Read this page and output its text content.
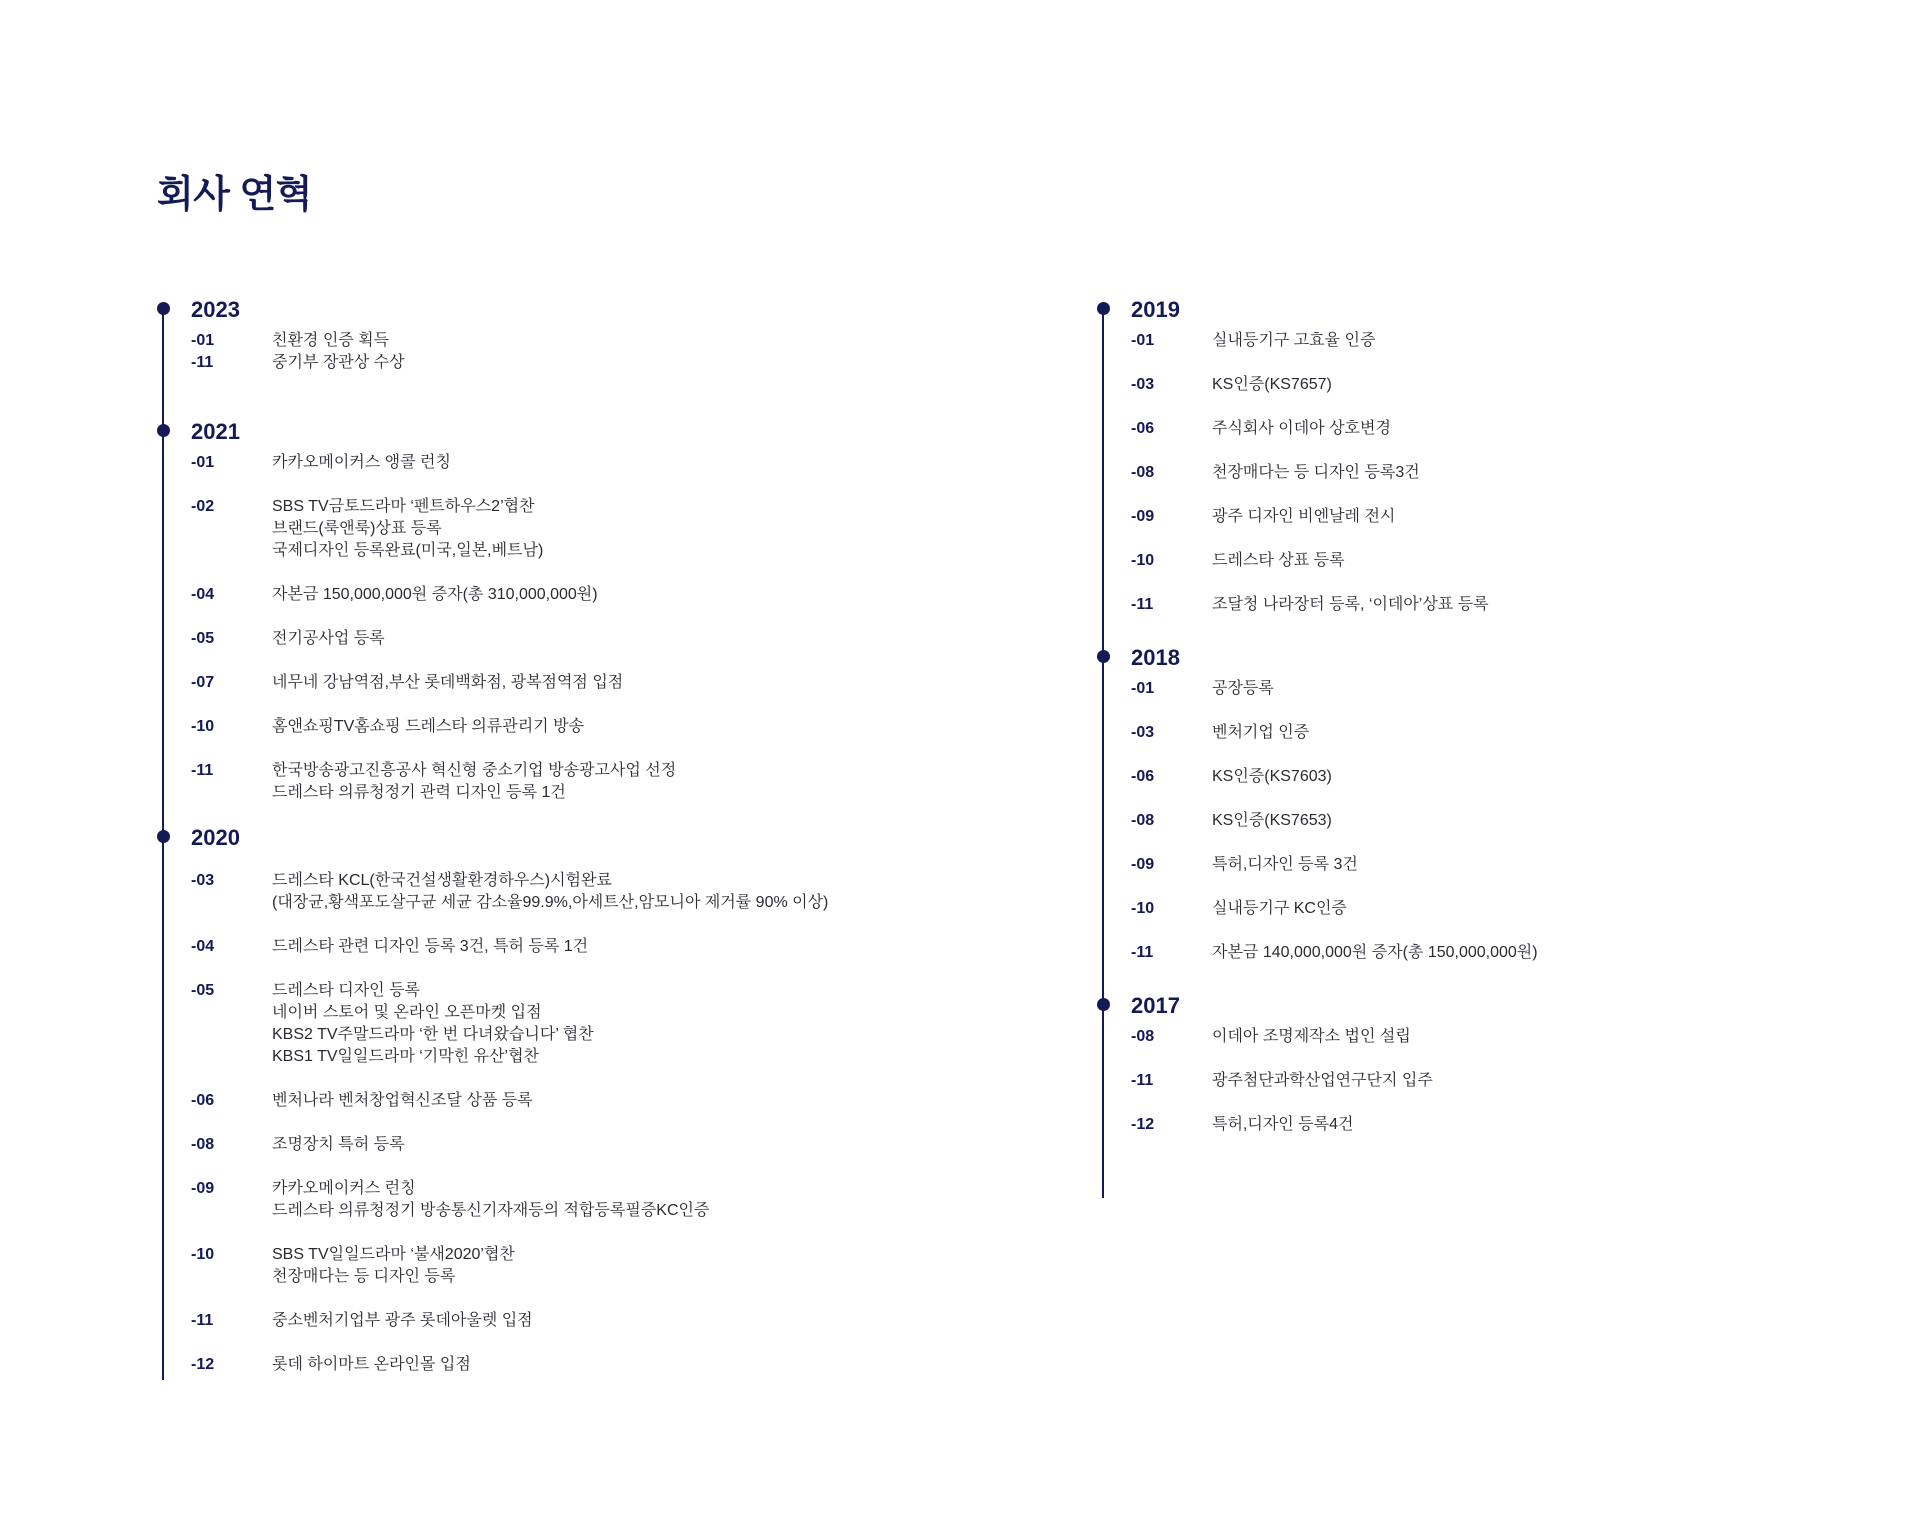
회사 연혁
2023
-01	친환경 인증 획득
-11	중기부 장관상 수상
2021
-01	카카오메이커스 앵콜 런칭
-02	SBS TV금토드라마 ‘펜트하우스2’협찬
브랜드(룩앤룩)상표 등록
국제디자인 등록완료(미국,일본,베트남)
-04	자본금 150,000,000원 증자(총 310,000,000원)
-05	전기공사업 등록
-07	네무네 강남역점,부산 롯데백화점, 광복점역점 입점
-10	홈앤쇼핑TV홈쇼핑 드레스타 의류관리기 방송
-11	한국방송광고진흥공사 혁신형 중소기업 방송광고사업 선정
드레스타 의류청정기 관력 디자인 등록 1건
2020
-03	드레스타 KCL(한국건설생활환경하우스)시험완료
(대장균,황색포도살구균 세균 감소율99.9%,아세트산,암모니아 제거률 90% 이상)
-04	드레스타 관련 디자인 등록 3건, 특허 등록 1건
-05	드레스타 디자인 등록
네이버 스토어 및 온라인 오픈마켓 입점
KBS2 TV주말드라마 ‘한 번 다녀왔습니다’ 협찬
KBS1 TV일일드라마 ‘기막힌 유산’협찬
-06	벤처나라 벤처창업혁신조달 상품 등록
-08	조명장치 특허 등록
-09	카카오메이커스 런칭
드레스타 의류청정기 방송통신기자재등의 적합등록필증KC인증
-10	SBS TV일일드라마 ‘불새2020’협찬
천장매다는 등 디자인 등록
-11	중소벤처기업부 광주 롯데아울렛 입점
-12	롯데 하이마트 온라인몰 입점
2019
-01	실내등기구 고효율 인증
-03	KS인증(KS7657)
-06	주식회사 이데아 상호변경
-08	천장매다는 등 디자인 등록3건
-09	광주 디자인 비엔날레 전시
-10	드레스타 상표 등록
-11	조달청 나라장터 등록, ‘이데아’상표 등록
2018
-01	공장등록
-03	벤처기업 인증
-06	KS인증(KS7603)
-08	KS인증(KS7653)
-09	특허,디자인 등록 3건
-10	실내등기구 KC인증
-11	자본금 140,000,000원 증자(총 150,000,000원)
2017
-08	이데아 조명제작소 법인 설립
-11	광주첨단과학산업연구단지 입주
-12	특허,디자인 등록4건
